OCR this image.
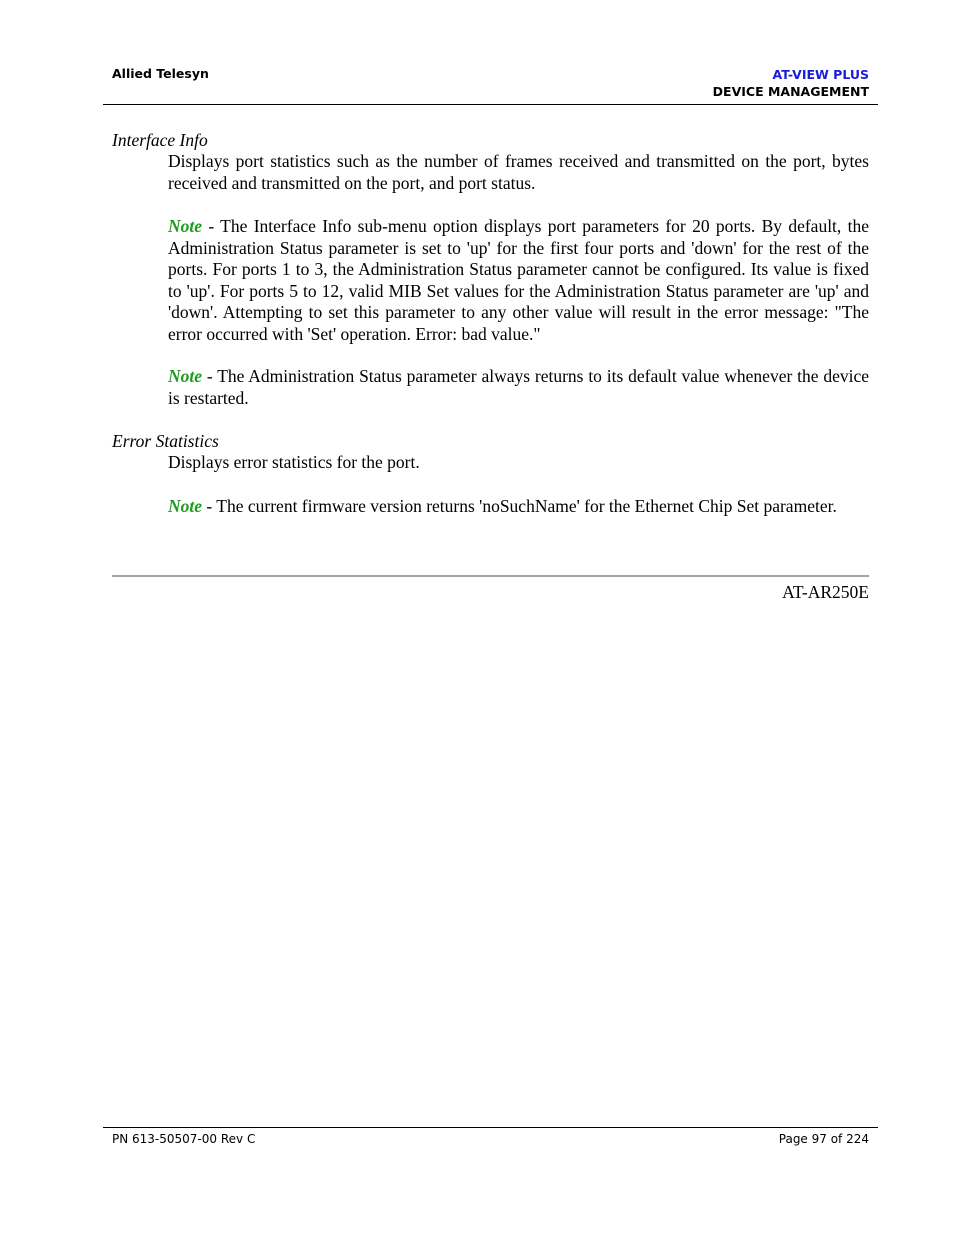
Allied Telesyn	AT-VIEW PLUS
DEVICE MANAGEMENT
Interface Info
Displays port statistics such as the number of frames received and transmitted on the port, bytes received and transmitted on the port, and port status.
Note - The Interface Info sub-menu option displays port parameters for 20 ports. By default, the Administration Status parameter is set to 'up' for the first four ports and 'down' for the rest of the ports. For ports 1 to 3, the Administration Status parameter cannot be configured. Its value is fixed to 'up'. For ports 5 to 12, valid MIB Set values for the Administration Status parameter are 'up' and 'down'. Attempting to set this parameter to any other value will result in the error message: "The error occurred with 'Set' operation. Error: bad value."
Note - The Administration Status parameter always returns to its default value whenever the device is restarted.
Error Statistics
Displays error statistics for the port.
Note - The current firmware version returns 'noSuchName' for the Ethernet Chip Set parameter.
AT-AR250E
PN 613-50507-00 Rev C	Page 97 of 224
